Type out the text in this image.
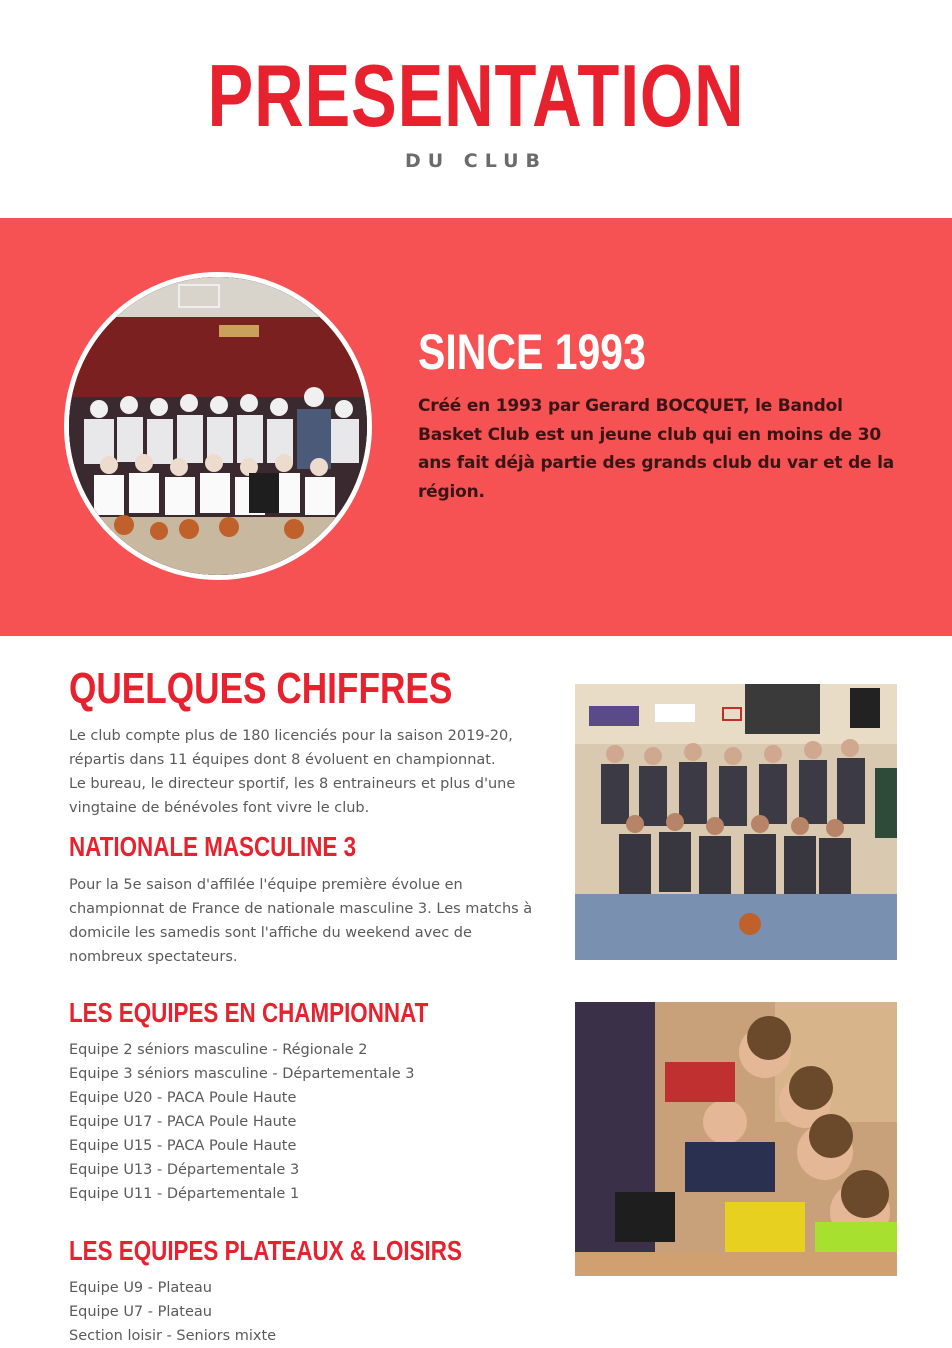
PRESENTATION
DU CLUB
SINCE 1993

Créé en 1993 par Gerard BOCQUET, le Bandol Basket Club est un jeune club qui en moins de 30 ans fait déjà partie des grands club du var et de la région.

QUELQUES CHIFFRES

Le club compte plus de 180 licenciés pour la saison 2019-20,
répartis dans 11 équipes dont 8 évoluent en championnat.
Le bureau, le directeur sportif, les 8 entraineurs et plus d'une
vingtaine de bénévoles font vivre le club.

NATIONALE MASCULINE 3

Pour la 5e saison d'affilée l'équipe première évolue en
championnat de France de nationale masculine 3. Les matchs à
domicile les samedis sont l'affiche du weekend avec de
nombreux spectateurs.

LES EQUIPES EN CHAMPIONNAT
Equipe 2 séniors masculine - Régionale 2
Equipe 3 séniors masculine - Départementale 3
Equipe U20 - PACA Poule Haute
Equipe U17 - PACA Poule Haute
Equipe U15 - PACA Poule Haute
Equipe U13 - Départementale 3
Equipe U11 - Départementale 1
LES EQUIPES PLATEAUX & LOISIRS
Equipe U9 - Plateau
Equipe U7 - Plateau
Section loisir - Seniors mixte
